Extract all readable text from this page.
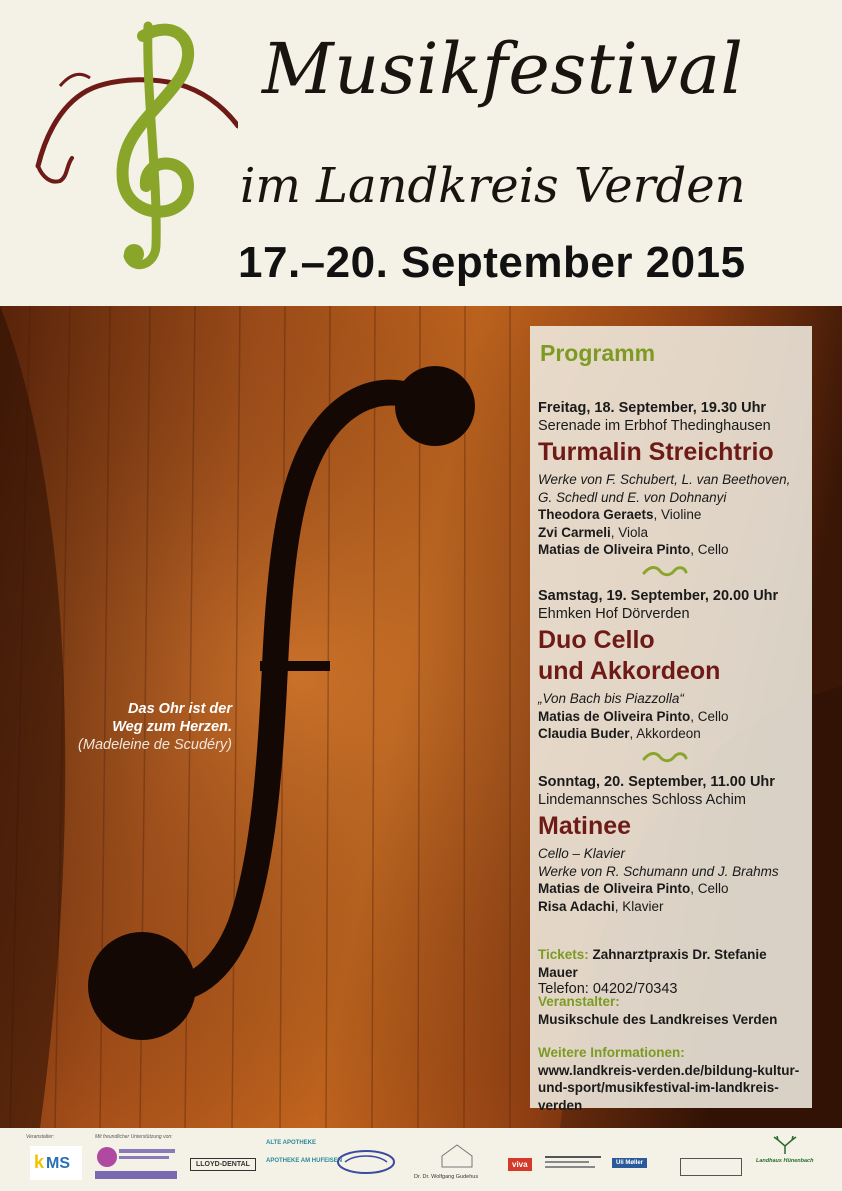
Musikfestival
im Landkreis Verden
17.–20. September 2015
Das Ohr ist der
Weg zum Herzen.
(Madeleine de Scudéry)
Programm
Freitag, 18. September, 19.30 Uhr
Serenade im Erbhof Thedinghausen
Turmalin Streichtrio
Werke von F. Schubert, L. van Beethoven,
G. Schedl und E. von Dohnanyi
Theodora Geraets, Violine
Zvi Carmeli, Viola
Matias de Oliveira Pinto, Cello
Samstag, 19. September, 20.00 Uhr
Ehmken Hof Dörverden
Duo Cello
und Akkordeon
„Von Bach bis Piazzolla“
Matias de Oliveira Pinto, Cello
Claudia Buder, Akkordeon
Sonntag, 20. September, 11.00 Uhr
Lindemannsches Schloss Achim
Matinee
Cello – Klavier
Werke von R. Schumann und J. Brahms
Matias de Oliveira Pinto, Cello
Risa Adachi, Klavier
Tickets: Zahnarztpraxis Dr. Stefanie Mauer
Telefon: 04202/70343
Veranstalter:
Musikschule des Landkreises Verden
Weitere Informationen:
www.landkreis-verden.de/bildung-kultur-
und-sport/musikfestival-im-landkreis-verden
Veranstalter:	Mit freundlicher Unterstützung von:
k MS	LLOYD-DENTAL
ALTE APOTHEKE
APOTHEKE AM HUFEISEN
Dr. Dr. Wolfgang Gudehus
viva	Uli Møller	Landhaus Hünenbach
